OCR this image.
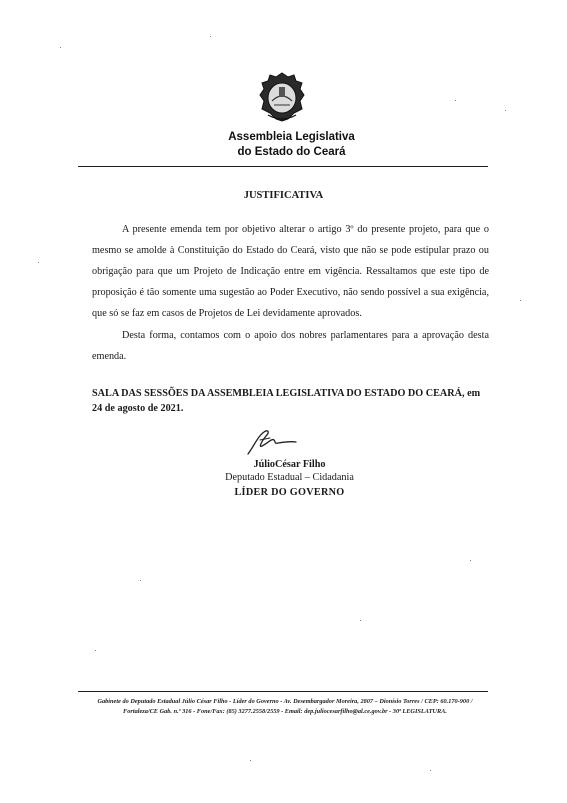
Assembleia Legislativa
do Estado do Ceará
JUSTIFICATIVA

A presente emenda tem por objetivo alterar o artigo 3º do presente projeto, para que o mesmo se amolde à Constituição do Estado do Ceará, visto que não se pode estipular prazo ou obrigação para que um Projeto de Indicação entre em vigência. Ressaltamos que este tipo de proposição é tão somente uma sugestão ao Poder Executivo, não sendo possível a sua exigência, que só se faz em casos de Projetos de Lei devidamente aprovados.

Desta forma, contamos com o apoio dos nobres parlamentares para a aprovação desta emenda.

SALA DAS SESSÕES DA ASSEMBLEIA LEGISLATIVA DO ESTADO DO CEARÁ, em 24 de agosto de 2021.

JúlioCésar Filho
Deputado Estadual – Cidadania
LÍDER DO GOVERNO

Gabinete do Deputado Estadual Júlio César Filho - Líder do Governo - Av. Desembargador Moreira, 2807 – Dionísio Torres / CEP: 60.170-900 / Fortaleza/CE Gab. n.º 316 - Fone/Fax: (85) 3277.2558/2559 - Email: dep.juliocesarfilho@al.ce.gov.br - 30ª LEGISLATURA.
